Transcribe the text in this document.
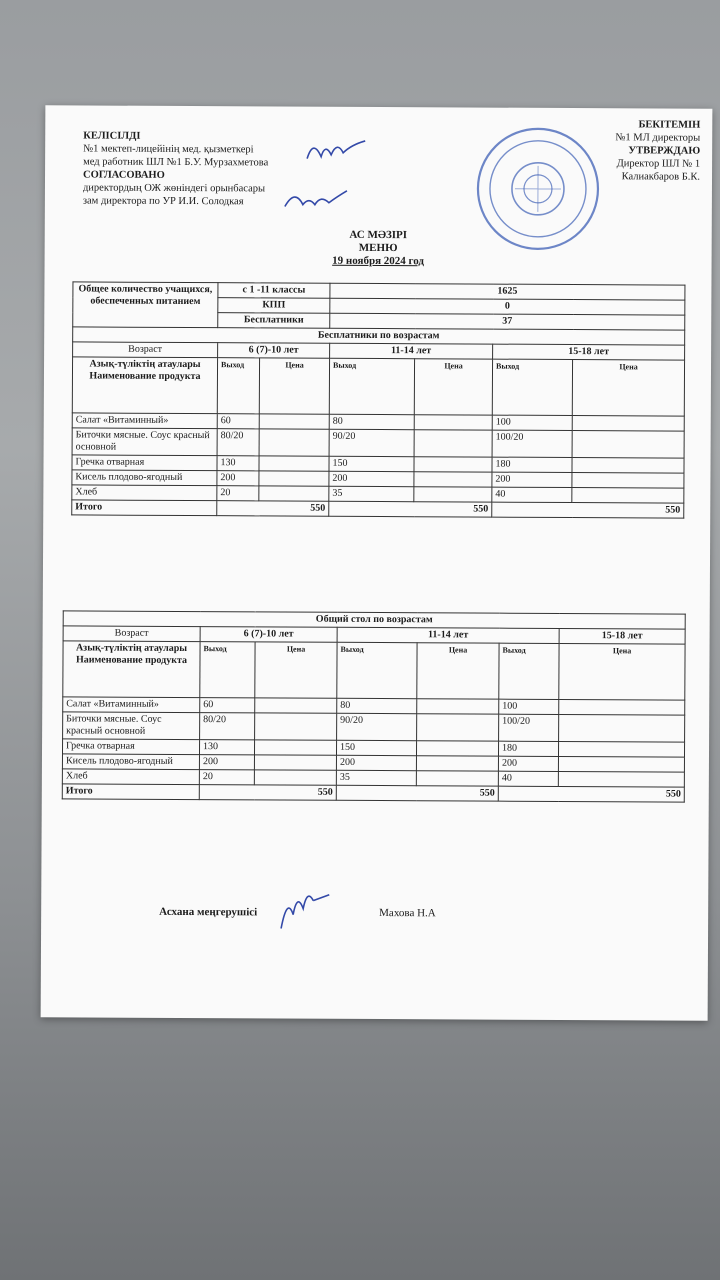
КЕЛІСІЛДІ
№1 мектеп-лицейінің мед. қызметкері
мед работник ШЛ №1 Б.У. Мурзахметова
СОГЛАСОВАНО
директордың ОЖ жөніндегі орынбасары
зам директора по УР И.И. Солодкая
БЕКІТЕМІН
№1 МЛ директоры
УТВЕРЖДАЮ
Директор ШЛ № 1
Калиакбаров Б.К.
АС МӘЗІРІ
МЕНЮ
19 ноября 2024 год
Общее количество учащихся, обеспеченных питанием	с 1 -11 классы		1625			
	КПП		0			
	Бесплатники		37			
Бесплатники по возрастам						
Возраст	6 (7)-10 лет		11-14 лет		15-18 лет	
Азық-түліктің атаулары Наименование продукта	Выход	Цена	Выход	Цена	Выход	Цена
Салат «Витаминный»	60		80		100	
Биточки мясные. Соус красный основной	80/20		90/20		100/20	
Гречка отварная	130		150		180	
Кисель плодово-ягодный	200		200		200	
Хлеб	20		35		40	
Итого	550		550		550	
Общий стол по возрастам						
Возраст	6 (7)-10 лет		11-14 лет			15-18 лет
Азық-түліктің атаулары Наименование продукта	Выход	Цена	Выход	Цена	Выход	Цена
Салат «Витаминный»	60		80		100	
Биточки мясные. Соус красный основной	80/20		90/20		100/20	
Гречка отварная	130		150		180	
Кисель плодово-ягодный	200		200		200	
Хлеб	20		35		40	
Итого	550		550		550	
Асхана меңгерушісі	Махова Н.А
